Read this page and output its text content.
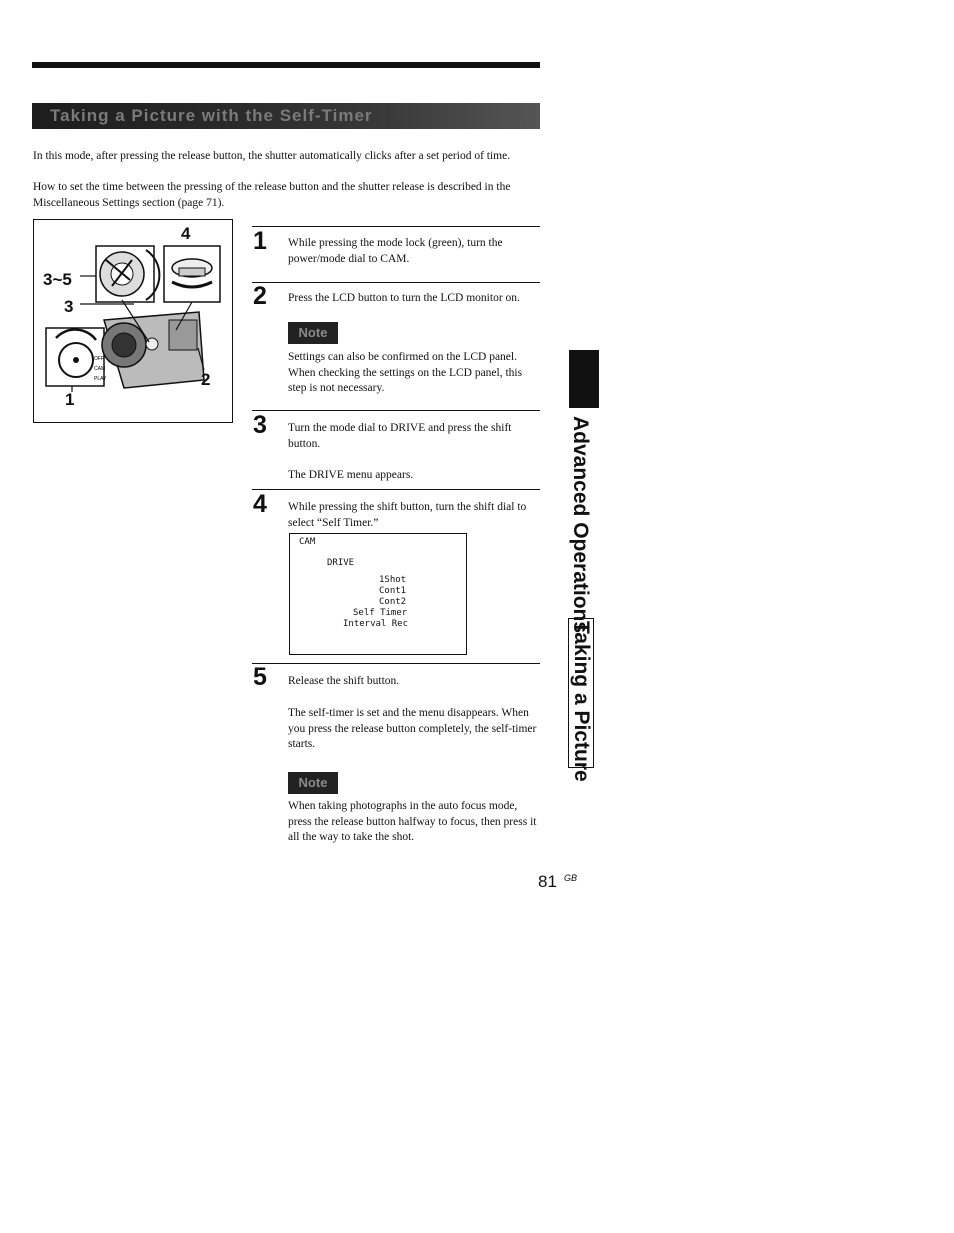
Taking a Picture with the Self-Timer
In this mode, after pressing the release button, the shutter automatically clicks after a set period of time.
How to set the time between the pressing of the release button and the shutter release is described in the Miscellaneous Settings section (page 71).
OFF
CAM
PLAY
4
3~5
3
2
1
1 While pressing the mode lock (green), turn the power/mode dial to CAM.
2 Press the LCD button to turn the LCD monitor on.
Note
Settings can also be confirmed on the LCD panel. When checking the settings on the LCD panel, this step is not necessary.
3 Turn the mode dial to DRIVE and press the shift button.
The DRIVE menu appears.
4 While pressing the shift button, turn the shift dial to select “Self Timer.”
CAM
DRIVE
1Shot
Cont1
Cont2
Self Timer
Interval Rec
5 Release the shift button.
The self-timer is set and the menu disappears. When you press the release button completely, the self-timer starts.
Note
When taking photographs in the auto focus mode, press the release button halfway to focus, then press it all the way to take the shot.
Advanced Operations
Taking a Picture
81 GB
